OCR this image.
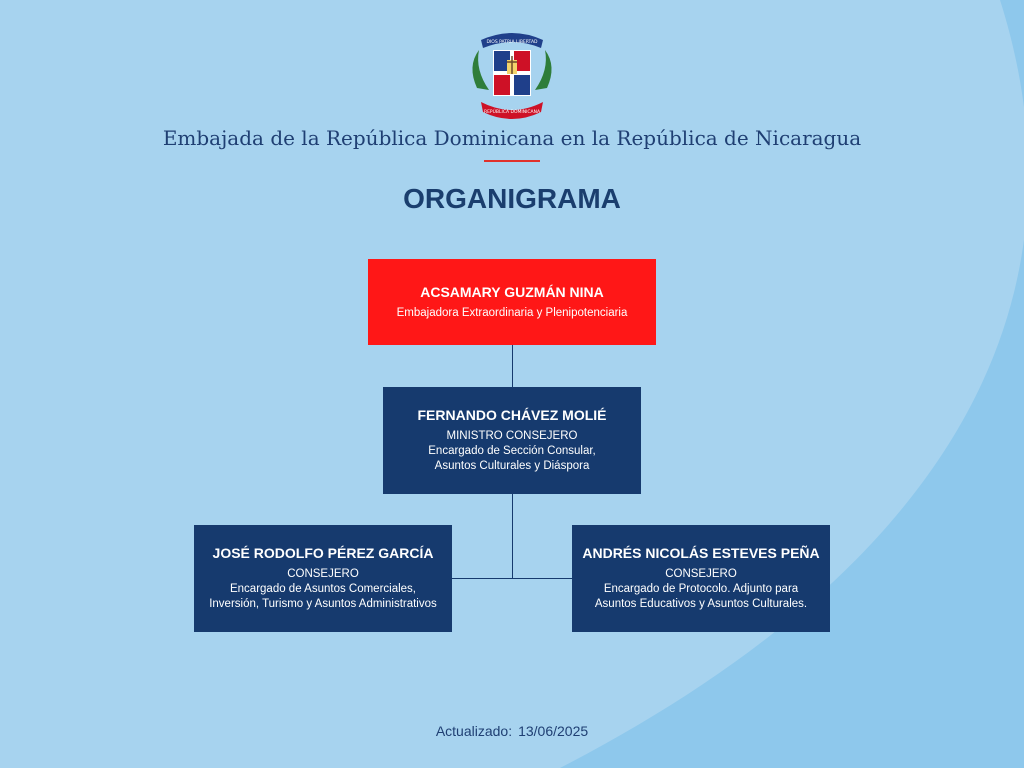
DIOS PATRIA LIBERTAD
REPÚBLICA DOMINICANA
Embajada de la República Dominicana en la República de Nicaragua
ORGANIGRAMA
ACSAMARY GUZMÁN NINA
Embajadora Extraordinaria y Plenipotenciaria
FERNANDO CHÁVEZ MOLIÉ
MINISTRO CONSEJERO
Encargado de Sección Consular,
Asuntos Culturales y Diáspora
JOSÉ RODOLFO PÉREZ GARCÍA
CONSEJERO
Encargado de Asuntos Comerciales,
Inversión, Turismo y Asuntos Administrativos
ANDRÉS NICOLÁS ESTEVES PEÑA
CONSEJERO
Encargado de Protocolo. Adjunto para
Asuntos Educativos y Asuntos Culturales.
Actualizado: 13/06/2025
